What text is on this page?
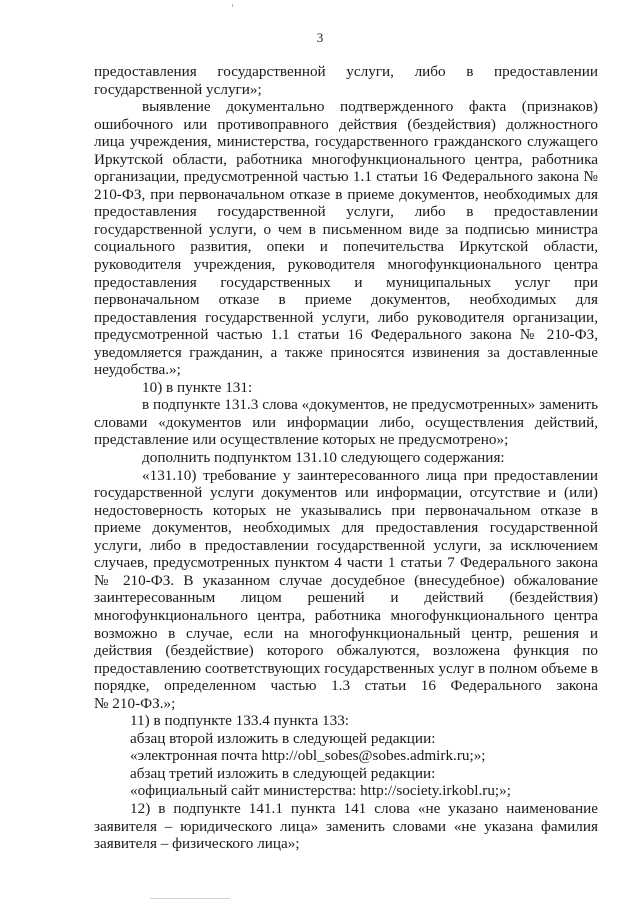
3
предоставления государственной услуги, либо в предоставлении
государственной услуги»;
выявление документально подтвержденного факта (признаков)
ошибочного или противоправного действия (бездействия) должностного
лица учреждения, министерства, государственного гражданского служащего
Иркутской области, работника многофункционального центра, работника
организации, предусмотренной частью 1.1 статьи 16 Федерального закона №
210-ФЗ, при первоначальном отказе в приеме документов, необходимых для
предоставления государственной услуги, либо в предоставлении
государственной услуги, о чем в письменном виде за подписью министра
социального развития, опеки и попечительства Иркутской области,
руководителя учреждения, руководителя многофункционального центра
предоставления государственных и муниципальных услуг при
первоначальном отказе в приеме документов, необходимых для
предоставления государственной услуги, либо руководителя организации,
предусмотренной частью 1.1 статьи 16 Федерального закона № 210-ФЗ,
уведомляется гражданин, а также приносятся извинения за доставленные
неудобства.»;
10) в пункте 131:
в подпункте 131.3 слова «документов, не предусмотренных» заменить
словами «документов или информации либо, осуществления действий,
представление или осуществление которых не предусмотрено»;
дополнить подпунктом 131.10 следующего содержания:
«131.10) требование у заинтересованного лица при предоставлении
государственной услуги документов или информации, отсутствие и (или)
недостоверность которых не указывались при первоначальном отказе в
приеме документов, необходимых для предоставления государственной
услуги, либо в предоставлении государственной услуги, за исключением
случаев, предусмотренных пунктом 4 части 1 статьи 7 Федерального закона
№ 210-ФЗ. В указанном случае досудебное (внесудебное) обжалование
заинтересованным лицом решений и действий (бездействия)
многофункционального центра, работника многофункционального центра
возможно в случае, если на многофункциональный центр, решения и
действия (бездействие) которого обжалуются, возложена функция по
предоставлению соответствующих государственных услуг в полном объеме в
порядке, определенном частью 1.3 статьи 16 Федерального закона
№ 210-ФЗ.»;
11) в подпункте 133.4 пункта 133:
абзац второй изложить в следующей редакции:
«электронная почта http://obl_sobes@sobes.admirk.ru;»;
абзац третий изложить в следующей редакции:
«официальный сайт министерства: http://society.irkobl.ru;»;
12) в подпункте 141.1 пункта 141 слова «не указано наименование
заявителя – юридического лица» заменить словами «не указана фамилия
заявителя – физического лица»;
